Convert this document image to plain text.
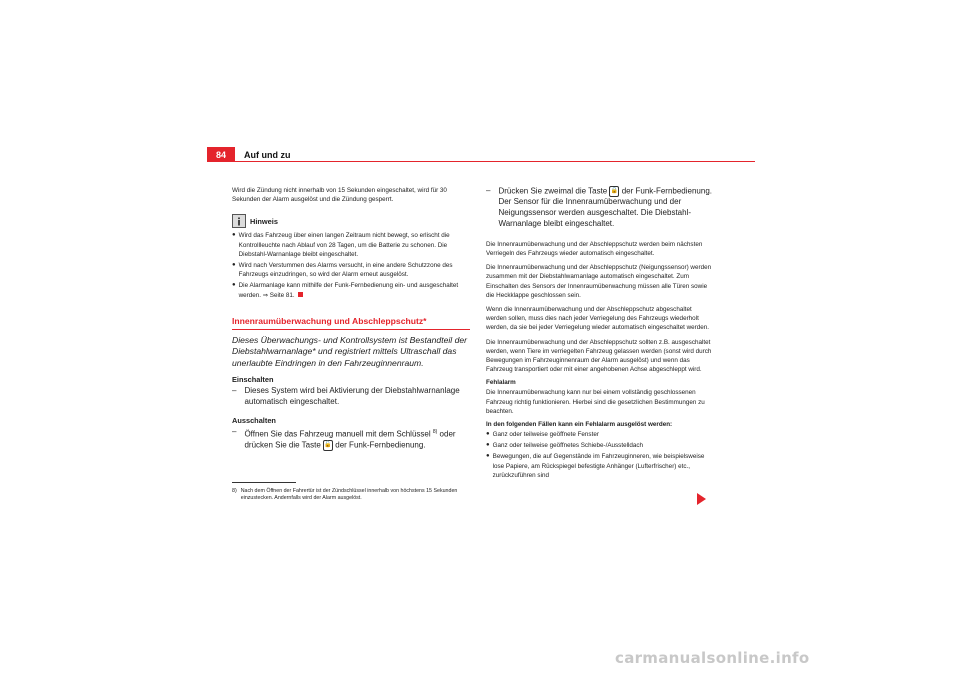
84	Auf und zu

Wird die Zündung nicht innerhalb von 15 Sekunden eingeschaltet, wird für 30 Sekunden der Alarm ausgelöst und die Zündung gesperrt.

Hinweis
● Wird das Fahrzeug über einen langen Zeitraum nicht bewegt, so erlischt die Kontrollleuchte nach Ablauf von 28 Tagen, um die Batterie zu schonen. Die Diebstahl-Warnanlage bleibt eingeschaltet.

● Wird nach Verstummen des Alarms versucht, in eine andere Schutzzone des Fahrzeugs einzudringen, so wird der Alarm erneut ausgelöst.

● Die Alarmanlage kann mithilfe der Funk-Fernbedienung ein- und ausgeschaltet werden. ⇒ Seite 81.

Innenraumüberwachung und Abschleppschutz*
Dieses Überwachungs- und Kontrollsystem ist Bestandteil der Diebstahlwarnanlage* und registriert mittels Ultraschall das unerlaubte Eindringen in den Fahrzeuginnenraum.
Einschalten
– Dieses System wird bei Aktivierung der Diebstahlwarnanlage automatisch eingeschaltet.
Ausschalten
– Öffnen Sie das Fahrzeug manuell mit dem Schlüssel $^{8)}$ oder drücken Sie die Taste 🔓 der Funk-Fernbedienung.
8) Nach dem Öffnen der Fahrertür ist der Zündschlüssel innerhalb von höchstens 15 Sekunden einzustecken. Andernfalls wird der Alarm ausgelöst.
– Drücken Sie zweimal die Taste 🔒 der Funk-Fernbedienung. Der Sensor für die Innenraumüberwachung und der Neigungssensor werden ausgeschaltet. Die Diebstahl-Warnanlage bleibt eingeschaltet.

Die Innenraumüberwachung und der Abschleppschutz werden beim nächsten Verriegeln des Fahrzeugs wieder automatisch eingeschaltet.

Die Innenraumüberwachung und der Abschleppschutz (Neigungssensor) werden zusammen mit der Diebstahlwarnanlage automatisch eingeschaltet. Zum Einschalten des Sensors der Innenraumüberwachung müssen alle Türen sowie die Heckklappe geschlossen sein.

Wenn die Innenraumüberwachung und der Abschleppschutz abgeschaltet werden sollen, muss dies nach jeder Verriegelung des Fahrzeugs wiederholt werden, da sie bei jeder Verriegelung wieder automatisch eingeschaltet werden.

Die Innenraumüberwachung und der Abschleppschutz sollten z.B. ausgeschaltet werden, wenn Tiere im verriegelten Fahrzeug gelassen werden (sonst wird durch Bewegungen im Fahrzeuginnenraum der Alarm ausgelöst) und wenn das Fahrzeug transportiert oder mit einer angehobenen Achse abgeschleppt wird.

Fehlalarm

Die Innenraumüberwachung kann nur bei einem vollständig geschlossenen Fahrzeug richtig funktionieren. Hierbei sind die gesetzlichen Bestimmungen zu beachten.

In den folgenden Fällen kann ein Fehlalarm ausgelöst werden:

● Ganz oder teilweise geöffnete Fenster

● Ganz oder teilweise geöffnetes Schiebe-/Ausstelldach

● Bewegungen, die auf Gegenstände im Fahrzeuginneren, wie beispielsweise lose Papiere, am Rückspiegel befestigte Anhänger (Lufterfrischer) etc., zurückzuführen sind

carmanualsonline.info
